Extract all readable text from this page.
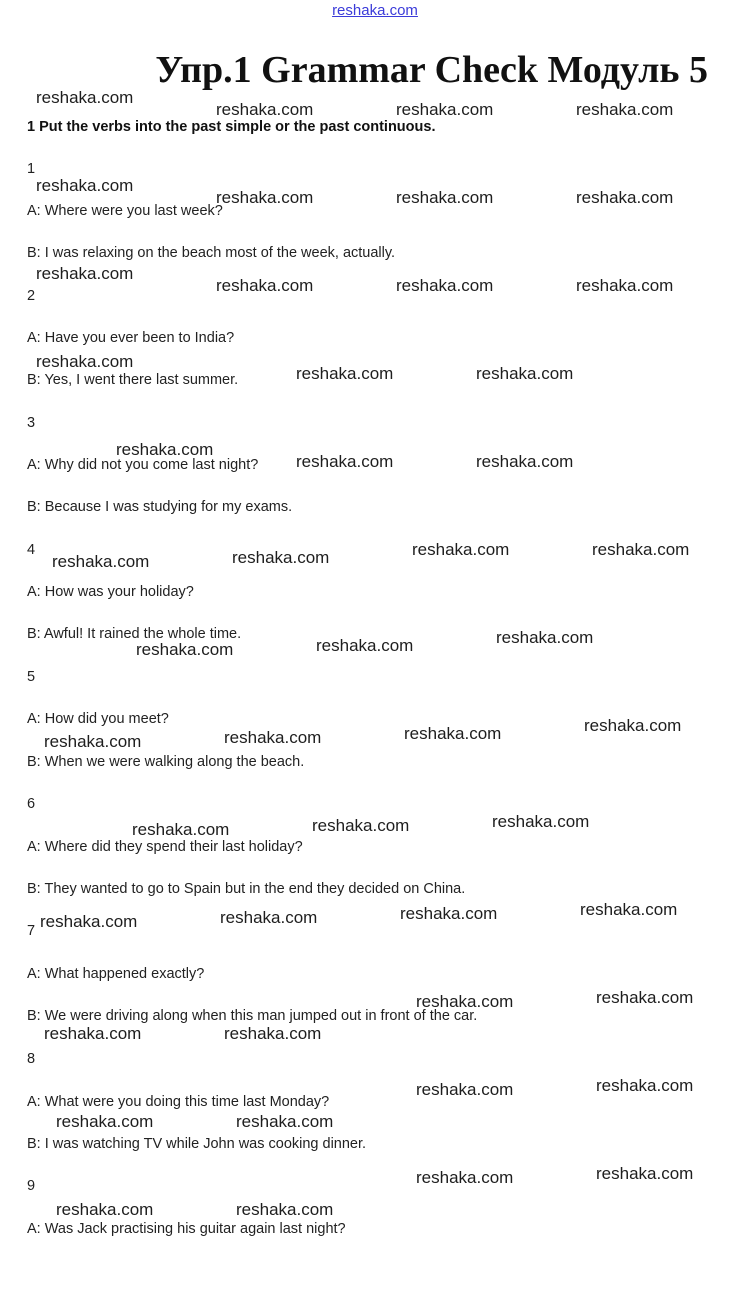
reshaka.com
Упр.1 Grammar Check Модуль 5
1 Put the verbs into the past simple or the past continuous.
1
A: Where were you last week?
B: I was relaxing on the beach most of the week, actually.
2
A: Have you ever been to India?
B: Yes, I went there last summer.
3
A: Why did not you come last night?
B: Because I was studying for my exams.
4
A: How was your holiday?
B: Awful! It rained the whole time.
5
A: How did you meet?
B: When we were walking along the beach.
6
A: Where did they spend their last holiday?
B: They wanted to go to Spain but in the end they decided on China.
7
A: What happened exactly?
B: We were driving along when this man jumped out in front of the car.
8
A: What were you doing this time last Monday?
B: I was watching TV while John was cooking dinner.
9
A: Was Jack practising his guitar again last night?
reshaka.com
reshaka.com	reshaka.com	reshaka.com
reshaka.com
reshaka.com	reshaka.com	reshaka.com
reshaka.com
reshaka.com	reshaka.com	reshaka.com
reshaka.com
reshaka.com	reshaka.com
reshaka.com
reshaka.com	reshaka.com
reshaka.com	reshaka.com	reshaka.com	reshaka.com
reshaka.com	reshaka.com	reshaka.com
reshaka.com	reshaka.com	reshaka.com	reshaka.com
reshaka.com	reshaka.com	reshaka.com
reshaka.com	reshaka.com	reshaka.com	reshaka.com
reshaka.com	reshaka.com
reshaka.com	reshaka.com
reshaka.com	reshaka.com
reshaka.com	reshaka.com
reshaka.com	reshaka.com
reshaka.com	reshaka.com
